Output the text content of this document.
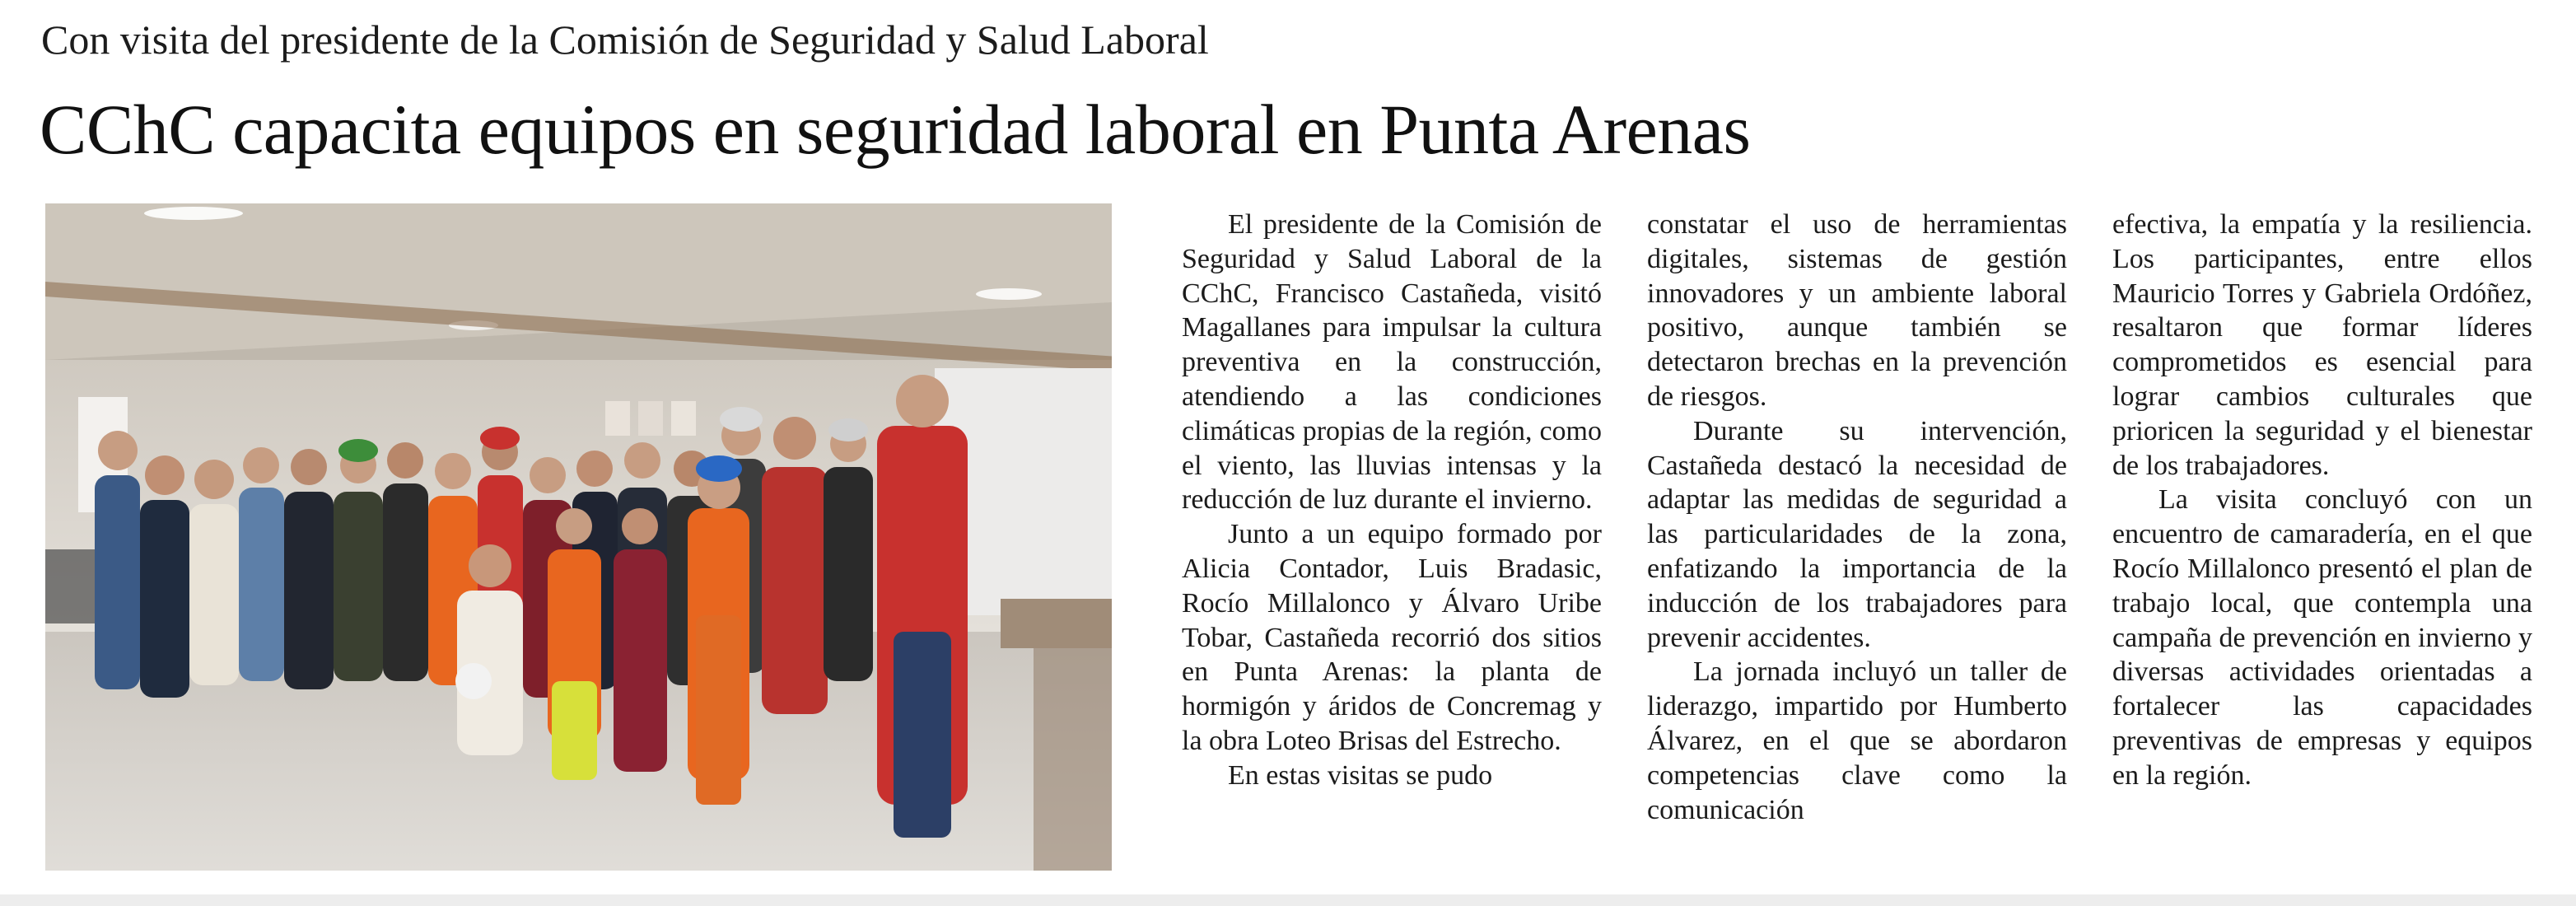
Con visita del presidente de la Comisión de Seguridad y Salud Laboral
CChC capacita equipos en seguridad laboral en Punta Arenas

El presidente de la Comisión de Seguridad y Salud Laboral de la CChC, Francisco Castañeda, visitó Magallanes para impulsar la cultura preventiva en la construcción, atendiendo a las condiciones climáticas propias de la región, como el viento, las lluvias intensas y la reducción de luz durante el invierno.

Junto a un equipo formado por Alicia Contador, Luis Bradasic, Rocío Millalonco y Álvaro Uribe Tobar, Castañeda recorrió dos sitios en Punta Arenas: la planta de hormigón y áridos de Concremag y la obra Loteo Brisas del Estrecho.

En estas visitas se pudo

constatar el uso de herramientas digitales, sistemas de gestión innovadores y un ambiente laboral positivo, aunque también se detectaron brechas en la prevención de riesgos.

Durante su intervención, Castañeda destacó la necesidad de adaptar las medidas de seguridad a las particularidades de la zona, enfatizando la importancia de la inducción de los trabajadores para prevenir accidentes.

La jornada incluyó un taller de liderazgo, impartido por Humberto Álvarez, en el que se abordaron competencias clave como la comunicación

efectiva, la empatía y la resiliencia. Los participantes, entre ellos Mauricio Torres y Gabriela Ordóñez, resaltaron que formar líderes comprometidos es esencial para lograr cambios culturales que prioricen la seguridad y el bienestar de los trabajadores.

La visita concluyó con un encuentro de camaradería, en el que Rocío Millalonco presentó el plan de trabajo local, que contempla una campaña de prevención en invierno y diversas actividades orientadas a fortalecer las capacidades preventivas de empresas y equipos en la región.
